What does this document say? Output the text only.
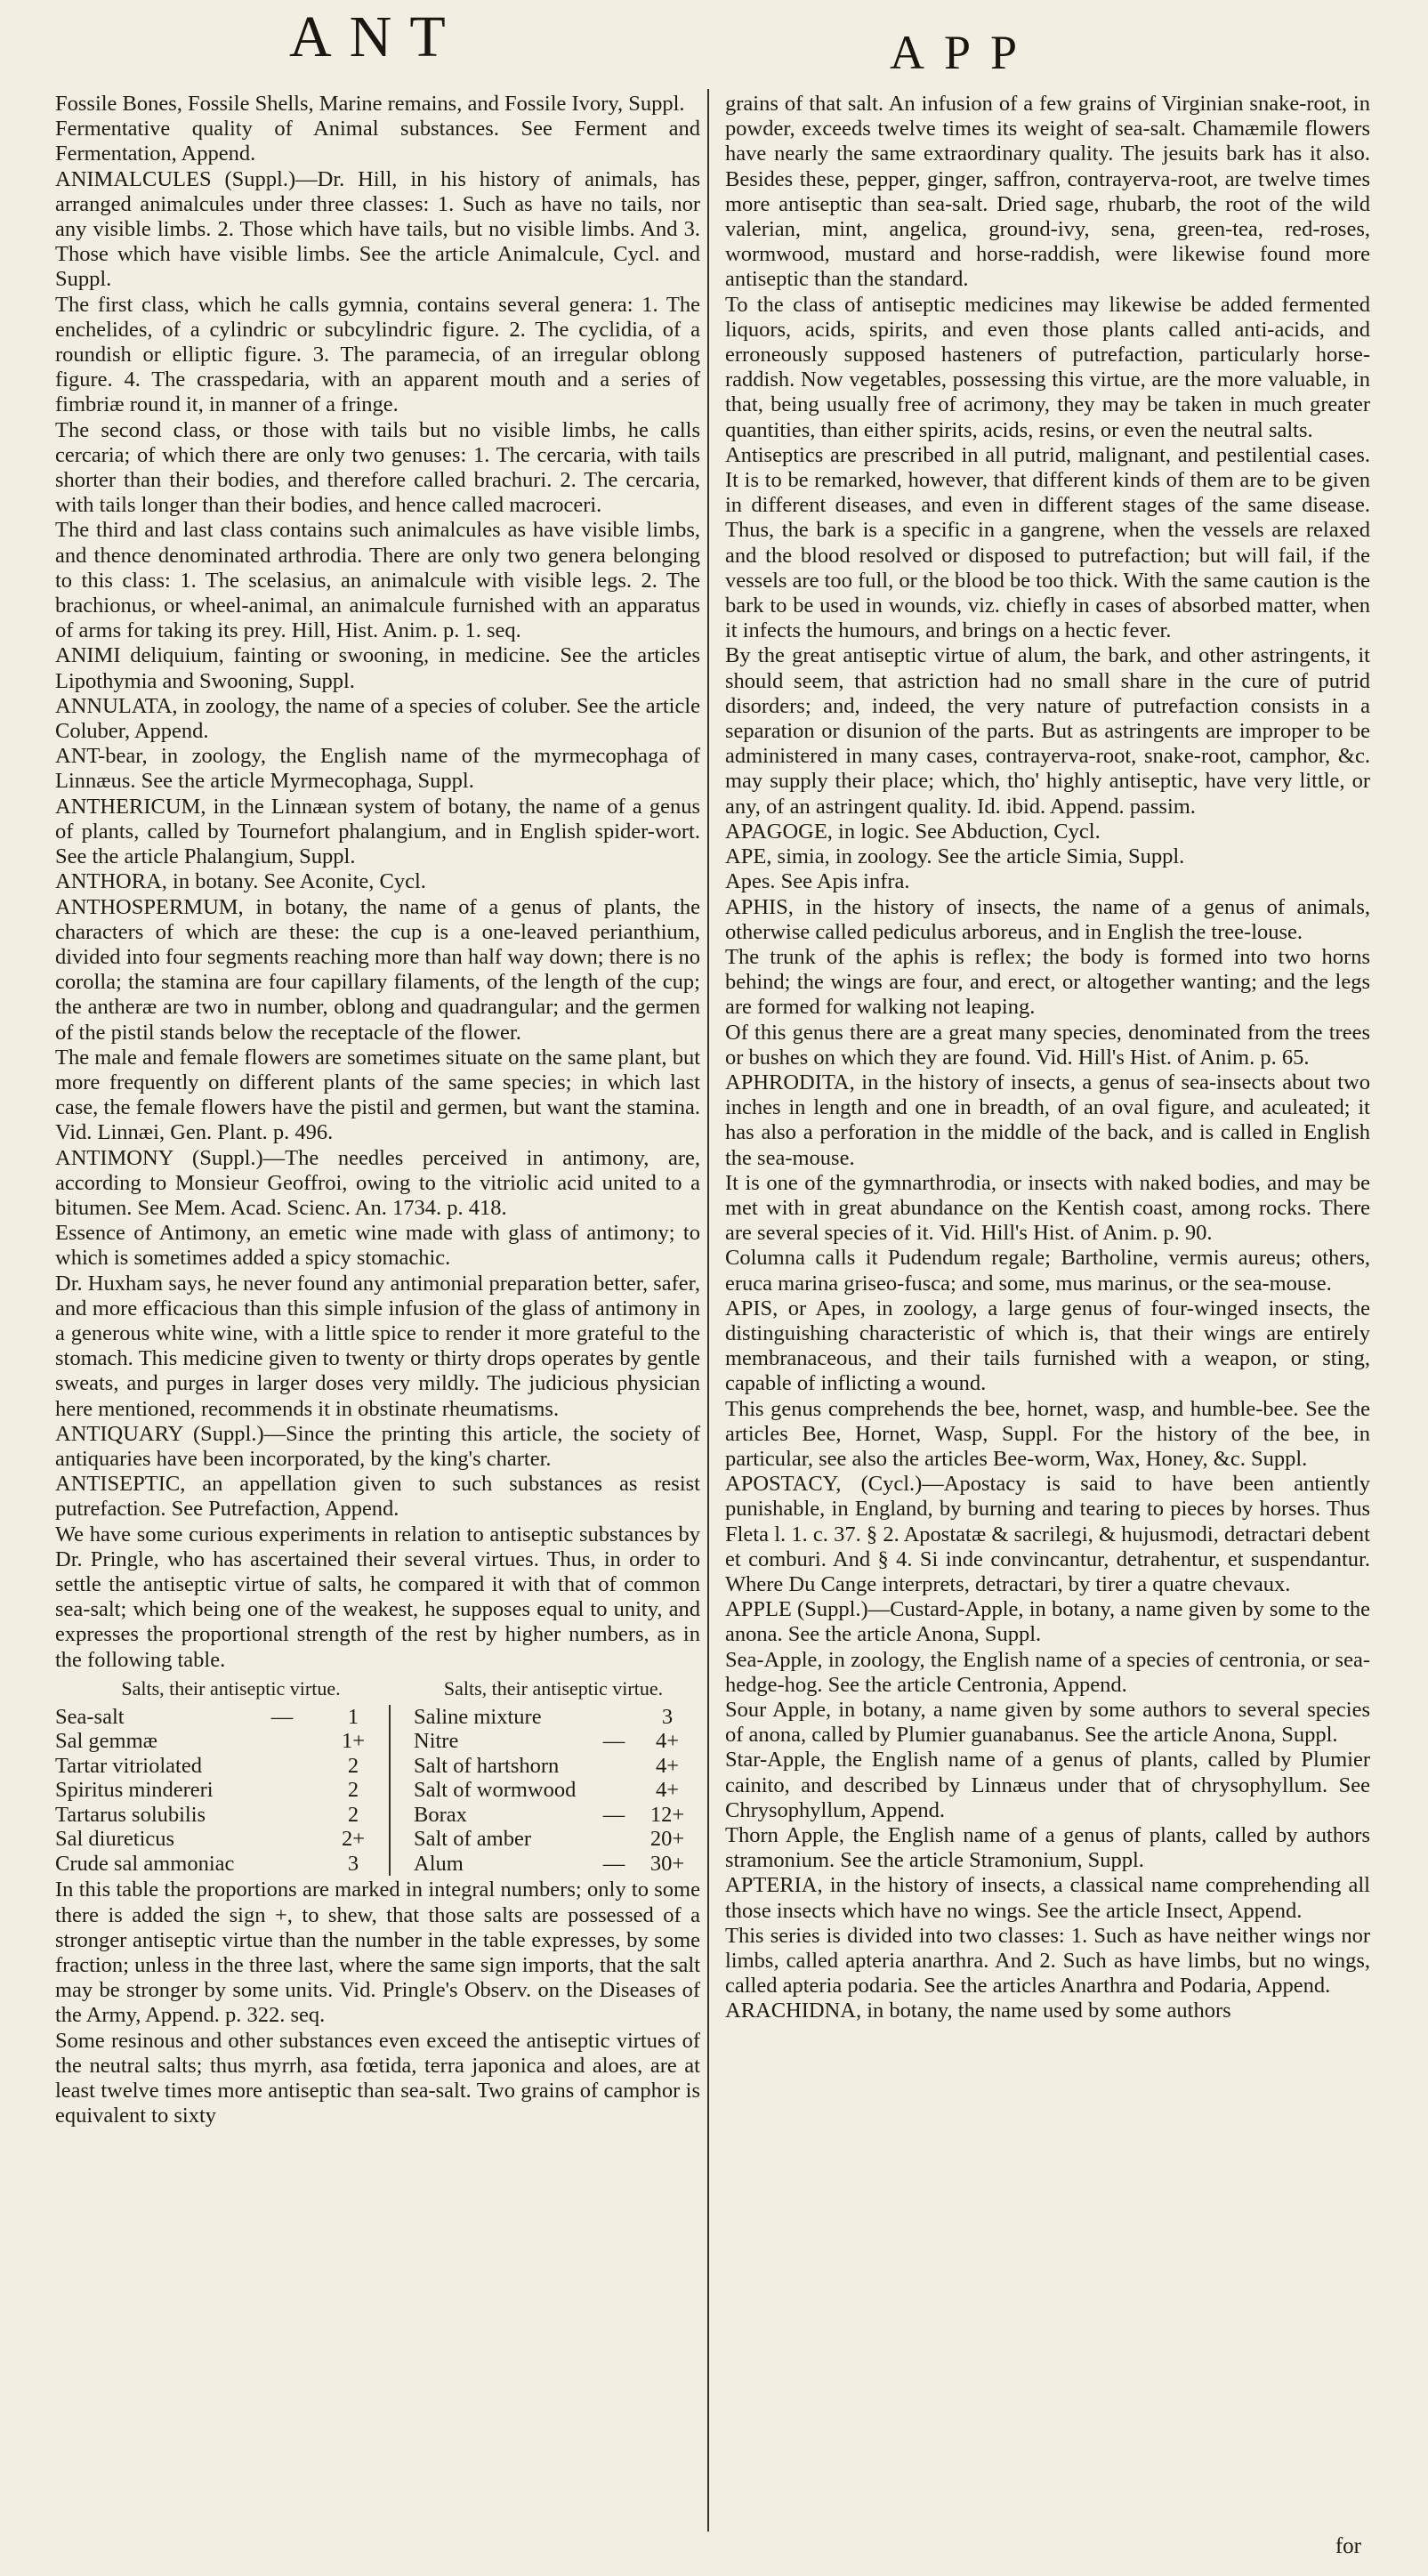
ANT	APP

Fossile Bones, Fossile Shells, Marine remains, and Fossile Ivory, Suppl.

Fermentative quality of Animal substances. See Ferment and Fermentation, Append.

ANIMALCULES (Suppl.)—Dr. Hill, in his history of animals, has arranged animalcules under three classes: 1. Such as have no tails, nor any visible limbs. 2. Those which have tails, but no visible limbs. And 3. Those which have visible limbs. See the article Animalcule, Cycl. and Suppl.

The first class, which he calls gymnia, contains several genera: 1. The enchelides, of a cylindric or subcylindric figure. 2. The cyclidia, of a roundish or elliptic figure. 3. The paramecia, of an irregular oblong figure. 4. The crasspedaria, with an apparent mouth and a series of fimbriæ round it, in manner of a fringe.

The second class, or those with tails but no visible limbs, he calls cercaria; of which there are only two genuses: 1. The cercaria, with tails shorter than their bodies, and therefore called brachuri. 2. The cercaria, with tails longer than their bodies, and hence called macroceri.

The third and last class contains such animalcules as have visible limbs, and thence denominated arthrodia. There are only two genera belonging to this class: 1. The scelasius, an animalcule with visible legs. 2. The brachionus, or wheel-animal, an animalcule furnished with an apparatus of arms for taking its prey. Hill, Hist. Anim. p. 1. seq.

ANIMI deliquium, fainting or swooning, in medicine. See the articles Lipothymia and Swooning, Suppl.

ANNULATA, in zoology, the name of a species of coluber. See the article Coluber, Append.

ANT-bear, in zoology, the English name of the myrmecophaga of Linnæus. See the article Myrmecophaga, Suppl.

ANTHERICUM, in the Linnæan system of botany, the name of a genus of plants, called by Tournefort phalangium, and in English spider-wort. See the article Phalangium, Suppl.

ANTHORA, in botany. See Aconite, Cycl.

ANTHOSPERMUM, in botany, the name of a genus of plants, the characters of which are these: the cup is a one-leaved perianthium, divided into four segments reaching more than half way down; there is no corolla; the stamina are four capillary filaments, of the length of the cup; the antheræ are two in number, oblong and quadrangular; and the germen of the pistil stands below the receptacle of the flower.

The male and female flowers are sometimes situate on the same plant, but more frequently on different plants of the same species; in which last case, the female flowers have the pistil and germen, but want the stamina. Vid. Linnæi, Gen. Plant. p. 496.

ANTIMONY (Suppl.)—The needles perceived in antimony, are, according to Monsieur Geoffroi, owing to the vitriolic acid united to a bitumen. See Mem. Acad. Scienc. An. 1734. p. 418.

Essence of Antimony, an emetic wine made with glass of antimony; to which is sometimes added a spicy stomachic.

Dr. Huxham says, he never found any antimonial preparation better, safer, and more efficacious than this simple infusion of the glass of antimony in a generous white wine, with a little spice to render it more grateful to the stomach. This medicine given to twenty or thirty drops operates by gentle sweats, and purges in larger doses very mildly. The judicious physician here mentioned, recommends it in obstinate rheumatisms.

ANTIQUARY (Suppl.)—Since the printing this article, the society of antiquaries have been incorporated, by the king's charter.

ANTISEPTIC, an appellation given to such substances as resist putrefaction. See Putrefaction, Append.

We have some curious experiments in relation to antiseptic substances by Dr. Pringle, who has ascertained their several virtues. Thus, in order to settle the antiseptic virtue of salts, he compared it with that of common sea-salt; which being one of the weakest, he supposes equal to unity, and expresses the proportional strength of the rest by higher numbers, as in the following table.

Salts, their antiseptic virtue.
Sea-salt	—	1
Sal gemmæ	1+
Tartar vitriolated	2
Spiritus mindereri	2
Tartarus solubilis	2
Sal diureticus	2+
Crude sal ammoniac	3
Salts, their antiseptic virtue.
Saline mixture	3
Nitre	—	4+
Salt of hartshorn	4+
Salt of wormwood	4+
Borax	—	12+
Salt of amber	20+
Alum	—	30+

In this table the proportions are marked in integral numbers; only to some there is added the sign +, to shew, that those salts are possessed of a stronger antiseptic virtue than the number in the table expresses, by some fraction; unless in the three last, where the same sign imports, that the salt may be stronger by some units. Vid. Pringle's Observ. on the Diseases of the Army, Append. p. 322. seq.

Some resinous and other substances even exceed the antiseptic virtues of the neutral salts; thus myrrh, asa fœtida, terra japonica and aloes, are at least twelve times more antiseptic than sea-salt. Two grains of camphor is equivalent to sixty

grains of that salt. An infusion of a few grains of Virginian snake-root, in powder, exceeds twelve times its weight of sea-salt. Chamæmile flowers have nearly the same extraordinary quality. The jesuits bark has it also. Besides these, pepper, ginger, saffron, contrayerva-root, are twelve times more antiseptic than sea-salt. Dried sage, rhubarb, the root of the wild valerian, mint, angelica, ground-ivy, sena, green-tea, red-roses, wormwood, mustard and horse-raddish, were likewise found more antiseptic than the standard.

To the class of antiseptic medicines may likewise be added fermented liquors, acids, spirits, and even those plants called anti-acids, and erroneously supposed hasteners of putrefaction, particularly horse-raddish. Now vegetables, possessing this virtue, are the more valuable, in that, being usually free of acrimony, they may be taken in much greater quantities, than either spirits, acids, resins, or even the neutral salts.

Antiseptics are prescribed in all putrid, malignant, and pestilential cases. It is to be remarked, however, that different kinds of them are to be given in different diseases, and even in different stages of the same disease. Thus, the bark is a specific in a gangrene, when the vessels are relaxed and the blood resolved or disposed to putrefaction; but will fail, if the vessels are too full, or the blood be too thick. With the same caution is the bark to be used in wounds, viz. chiefly in cases of absorbed matter, when it infects the humours, and brings on a hectic fever.

By the great antiseptic virtue of alum, the bark, and other astringents, it should seem, that astriction had no small share in the cure of putrid disorders; and, indeed, the very nature of putrefaction consists in a separation or disunion of the parts. But as astringents are improper to be administered in many cases, contrayerva-root, snake-root, camphor, &c. may supply their place; which, tho' highly antiseptic, have very little, or any, of an astringent quality. Id. ibid. Append. passim.

APAGOGE, in logic. See Abduction, Cycl.

APE, simia, in zoology. See the article Simia, Suppl.

Apes. See Apis infra.

APHIS, in the history of insects, the name of a genus of animals, otherwise called pediculus arboreus, and in English the tree-louse.

The trunk of the aphis is reflex; the body is formed into two horns behind; the wings are four, and erect, or altogether wanting; and the legs are formed for walking not leaping.

Of this genus there are a great many species, denominated from the trees or bushes on which they are found. Vid. Hill's Hist. of Anim. p. 65.

APHRODITA, in the history of insects, a genus of sea-insects about two inches in length and one in breadth, of an oval figure, and aculeated; it has also a perforation in the middle of the back, and is called in English the sea-mouse.

It is one of the gymnarthrodia, or insects with naked bodies, and may be met with in great abundance on the Kentish coast, among rocks. There are several species of it. Vid. Hill's Hist. of Anim. p. 90.

Columna calls it Pudendum regale; Bartholine, vermis aureus; others, eruca marina griseo-fusca; and some, mus marinus, or the sea-mouse.

APIS, or Apes, in zoology, a large genus of four-winged insects, the distinguishing characteristic of which is, that their wings are entirely membranaceous, and their tails furnished with a weapon, or sting, capable of inflicting a wound.

This genus comprehends the bee, hornet, wasp, and humble-bee. See the articles Bee, Hornet, Wasp, Suppl. For the history of the bee, in particular, see also the articles Bee-worm, Wax, Honey, &c. Suppl.

APOSTACY, (Cycl.)—Apostacy is said to have been antiently punishable, in England, by burning and tearing to pieces by horses. Thus Fleta l. 1. c. 37. § 2. Apostatæ & sacrilegi, & hujusmodi, detractari debent et comburi. And § 4. Si inde convincantur, detrahentur, et suspendantur. Where Du Cange interprets, detractari, by tirer a quatre chevaux.

APPLE (Suppl.)—Custard-Apple, in botany, a name given by some to the anona. See the article Anona, Suppl.

Sea-Apple, in zoology, the English name of a species of centronia, or sea-hedge-hog. See the article Centronia, Append.

Sour Apple, in botany, a name given by some authors to several species of anona, called by Plumier guanabanus. See the article Anona, Suppl.

Star-Apple, the English name of a genus of plants, called by Plumier cainito, and described by Linnæus under that of chrysophyllum. See Chrysophyllum, Append.

Thorn Apple, the English name of a genus of plants, called by authors stramonium. See the article Stramonium, Suppl.

APTERIA, in the history of insects, a classical name comprehending all those insects which have no wings. See the article Insect, Append.

This series is divided into two classes: 1. Such as have neither wings nor limbs, called apteria anarthra. And 2. Such as have limbs, but no wings, called apteria podaria. See the articles Anarthra and Podaria, Append.

ARACHIDNA, in botany, the name used by some authors

for
